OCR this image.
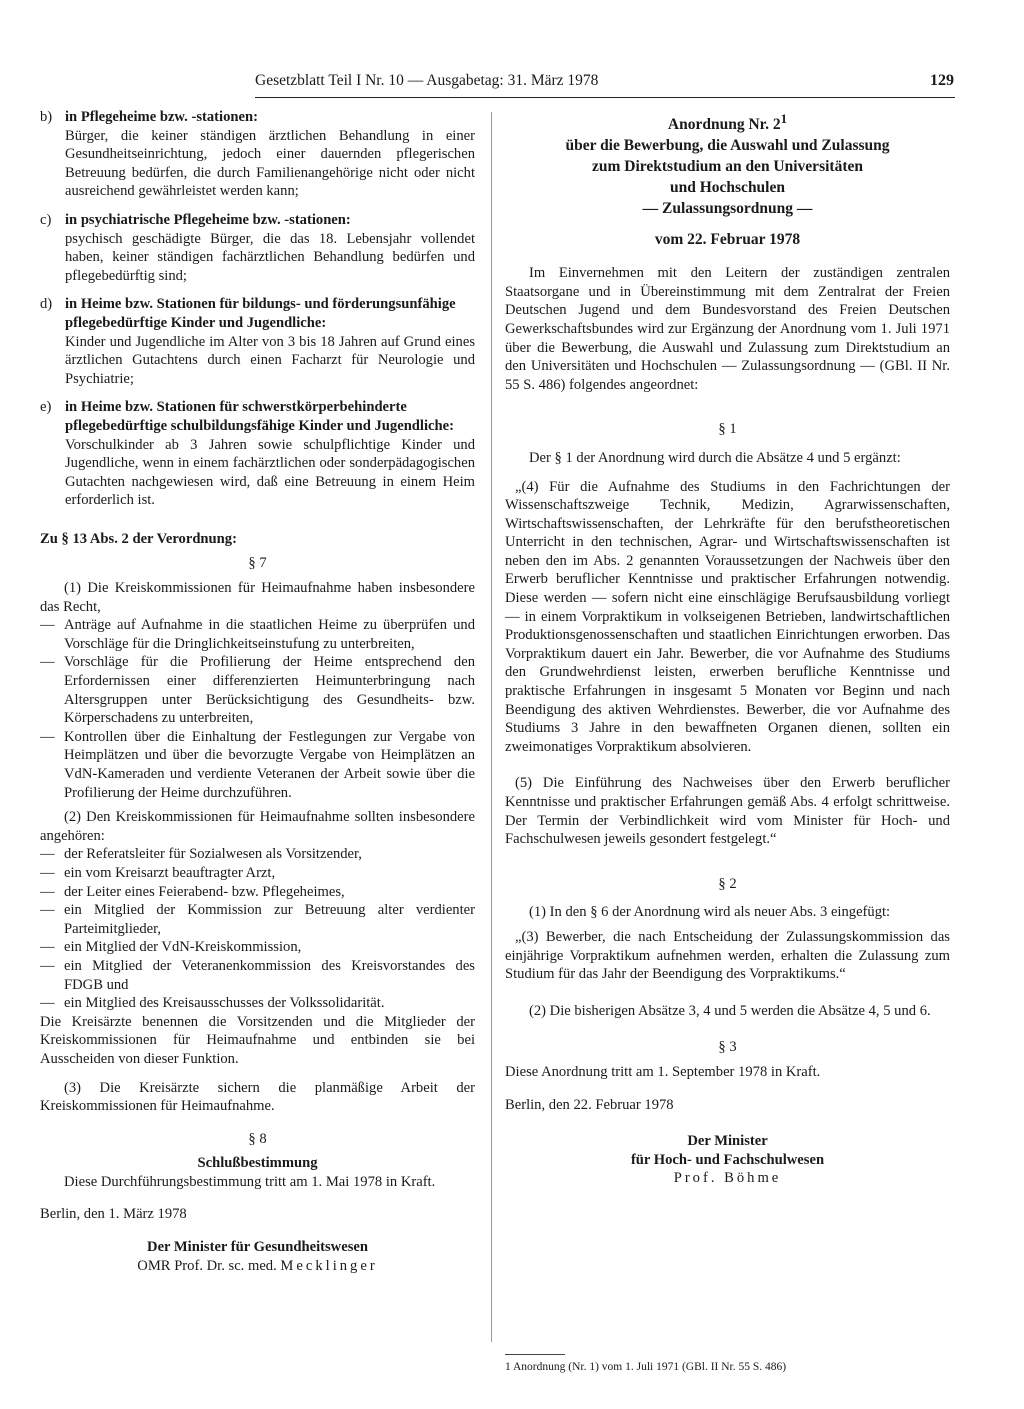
Gesetzblatt Teil I Nr. 10 — Ausgabetag: 31. März 1978	129
b) in Pflegeheime bzw. -stationen:
Bürger, die keiner ständigen ärztlichen Behandlung in einer Gesundheitseinrichtung, jedoch einer dauernden pflegerischen Betreuung bedürfen, die durch Familienangehörige nicht oder nicht ausreichend gewährleistet werden kann;
c) in psychiatrische Pflegeheime bzw. -stationen:
psychisch geschädigte Bürger, die das 18. Lebensjahr vollendet haben, keiner ständigen fachärztlichen Behandlung bedürfen und pflegebedürftig sind;
d) in Heime bzw. Stationen für bildungs- und förderungsunfähige pflegebedürftige Kinder und Jugendliche:
Kinder und Jugendliche im Alter von 3 bis 18 Jahren auf Grund eines ärztlichen Gutachtens durch einen Facharzt für Neurologie und Psychiatrie;
e) in Heime bzw. Stationen für schwerstkörperbehinderte pflegebedürftige schulbildungsfähige Kinder und Jugendliche:
Vorschulkinder ab 3 Jahren sowie schulpflichtige Kinder und Jugendliche, wenn in einem fachärztlichen oder sonderpädagogischen Gutachten nachgewiesen wird, daß eine Betreuung in einem Heim erforderlich ist.
Zu § 13 Abs. 2 der Verordnung:
§ 7
(1) Die Kreiskommissionen für Heimaufnahme haben insbesondere das Recht,
— Anträge auf Aufnahme in die staatlichen Heime zu überprüfen und Vorschläge für die Dringlichkeitseinstufung zu unterbreiten,
— Vorschläge für die Profilierung der Heime entsprechend den Erfordernissen einer differenzierten Heimunterbringung nach Altersgruppen unter Berücksichtigung des Gesundheits- bzw. Körperschadens zu unterbreiten,
— Kontrollen über die Einhaltung der Festlegungen zur Vergabe von Heimplätzen und über die bevorzugte Vergabe von Heimplätzen an VdN-Kameraden und verdiente Veteranen der Arbeit sowie über die Profilierung der Heime durchzuführen.
(2) Den Kreiskommissionen für Heimaufnahme sollten insbesondere angehören:
— der Referatsleiter für Sozialwesen als Vorsitzender,
— ein vom Kreisarzt beauftragter Arzt,
— der Leiter eines Feierabend- bzw. Pflegeheimes,
— ein Mitglied der Kommission zur Betreuung alter verdienter Parteimitglieder,
— ein Mitglied der VdN-Kreiskommission,
— ein Mitglied der Veteranenkommission des Kreisvorstandes des FDGB und
— ein Mitglied des Kreisausschusses der Volkssolidarität.
Die Kreisärzte benennen die Vorsitzenden und die Mitglieder der Kreiskommissionen für Heimaufnahme und entbinden sie bei Ausscheiden von dieser Funktion.
(3) Die Kreisärzte sichern die planmäßige Arbeit der Kreiskommissionen für Heimaufnahme.
§ 8
Schlußbestimmung
Diese Durchführungsbestimmung tritt am 1. Mai 1978 in Kraft.
Berlin, den 1. März 1978
Der Minister für Gesundheitswesen
OMR Prof. Dr. sc. med. Mecklinger
Anordnung Nr. $2^1$
über die Bewerbung, die Auswahl und Zulassung
zum Direktstudium an den Universitäten
und Hochschulen
— Zulassungsordnung —
vom 22. Februar 1978
Im Einvernehmen mit den Leitern der zuständigen zentralen Staatsorgane und in Übereinstimmung mit dem Zentralrat der Freien Deutschen Jugend und dem Bundesvorstand des Freien Deutschen Gewerkschaftsbundes wird zur Ergänzung der Anordnung vom 1. Juli 1971 über die Bewerbung, die Auswahl und Zulassung zum Direktstudium an den Universitäten und Hochschulen — Zulassungsordnung — (GBl. II Nr. 55 S. 486) folgendes angeordnet:
§ 1
Der § 1 der Anordnung wird durch die Absätze 4 und 5 ergänzt:
„(4) Für die Aufnahme des Studiums in den Fachrichtungen der Wissenschaftszweige Technik, Medizin, Agrarwissenschaften, Wirtschaftswissenschaften, der Lehrkräfte für den berufstheoretischen Unterricht in den technischen, Agrar- und Wirtschaftswissenschaften ist neben den im Abs. 2 genannten Voraussetzungen der Nachweis über den Erwerb beruflicher Kenntnisse und praktischer Erfahrungen notwendig. Diese werden — sofern nicht eine einschlägige Berufsausbildung vorliegt — in einem Vorpraktikum in volkseigenen Betrieben, landwirtschaftlichen Produktionsgenossenschaften und staatlichen Einrichtungen erworben. Das Vorpraktikum dauert ein Jahr. Bewerber, die vor Aufnahme des Studiums den Grundwehrdienst leisten, erwerben berufliche Kenntnisse und praktische Erfahrungen in insgesamt 5 Monaten vor Beginn und nach Beendigung des aktiven Wehrdienstes. Bewerber, die vor Aufnahme des Studiums 3 Jahre in den bewaffneten Organen dienen, sollten ein zweimonatiges Vorpraktikum absolvieren.
(5) Die Einführung des Nachweises über den Erwerb beruflicher Kenntnisse und praktischer Erfahrungen gemäß Abs. 4 erfolgt schrittweise. Der Termin der Verbindlichkeit wird vom Minister für Hoch- und Fachschulwesen jeweils gesondert festgelegt.“
§ 2
(1) In den § 6 der Anordnung wird als neuer Abs. 3 eingefügt:
„(3) Bewerber, die nach Entscheidung der Zulassungskommission das einjährige Vorpraktikum aufnehmen werden, erhalten die Zulassung zum Studium für das Jahr der Beendigung des Vorpraktikums.“
(2) Die bisherigen Absätze 3, 4 und 5 werden die Absätze 4, 5 und 6.
§ 3
Diese Anordnung tritt am 1. September 1978 in Kraft.
Berlin, den 22. Februar 1978
Der Minister
für Hoch- und Fachschulwesen
Prof. Böhme
1 Anordnung (Nr. 1) vom 1. Juli 1971 (GBl. II Nr. 55 S. 486)
